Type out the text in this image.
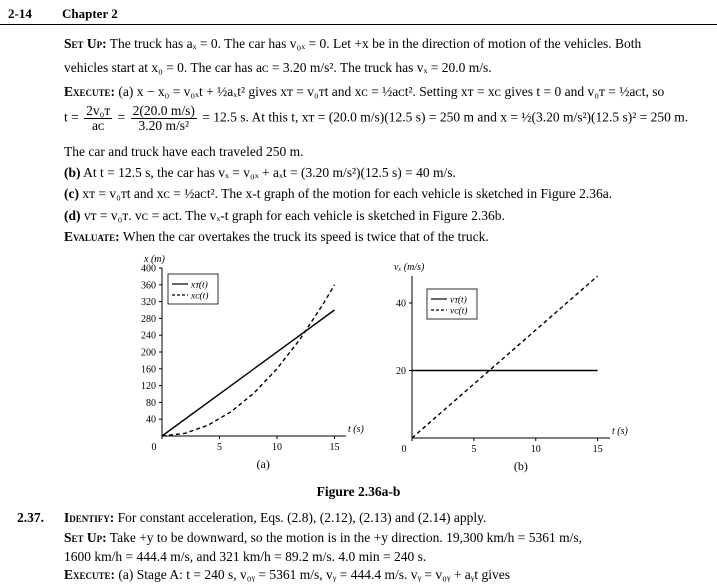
2-14 Chapter 2
Set Up: The truck has aₓ = 0. The car has v₀ₓ = 0. Let +x be in the direction of motion of the vehicles. Both
vehicles start at x₀ = 0. The car has aᴄ = 3.20 m/s². The truck has vₓ = 20.0 m/s.
Execute: (a) x − x₀ = v₀ₓt + ½aₓt² gives xᴛ = v₀ᴛt and xᴄ = ½aᴄt². Setting xᴛ = xᴄ gives t = 0 and v₀ᴛ = ½aᴄt, so
$t = \frac{\text{2v₀ᴛ}}{\text{aᴄ}} = \frac{2(20.0 m/s)}{\text{3.20 m/s²}} = 12.5$ s. At this t, xᴛ = (20.0 m/s)(12.5 s) = 250 m and x = ½(3.20 m/s²)(12.5 s)² = 250 m.
The car and truck have each traveled 250 m.
(b) At t = 12.5 s, the car has vₓ = v₀ₓ + aₓt = (3.20 m/s²)(12.5 s) = 40 m/s.
(c) xᴛ = v₀ᴛt and xᴄ = ½aᴄt². The x-t graph of the motion for each vehicle is sketched in Figure 2.36a.
(d) vᴛ = v₀ᴛ. vᴄ = aᴄt. The vₓ-t graph for each vehicle is sketched in Figure 2.36b.
Evaluate: When the car overtakes the truck its speed is twice that of the truck.
x (m)
t (s)
40
80
120
160
200
240
280
320
360
400
0	5	10	15
(a)
xᴛ(t)
xᴄ(t)
vₓ (m/s)
t (s)
20
40
0	5	10	15
(b)
vᴛ(t)
vᴄ(t)
Figure 2.36a-b
2.37. Identify: For constant acceleration, Eqs. (2.8), (2.12), (2.13) and (2.14) apply.
Set Up: Take +y to be downward, so the motion is in the +y direction. 19,300 km/h = 5361 m/s,
1600 km/h = 444.4 m/s, and 321 km/h = 89.2 m/s. 4.0 min = 240 s.
Execute: (a) Stage A: t = 240 s, v₀ᵧ = 5361 m/s, vᵧ = 444.4 m/s. vᵧ = v₀ᵧ + aᵧt gives
